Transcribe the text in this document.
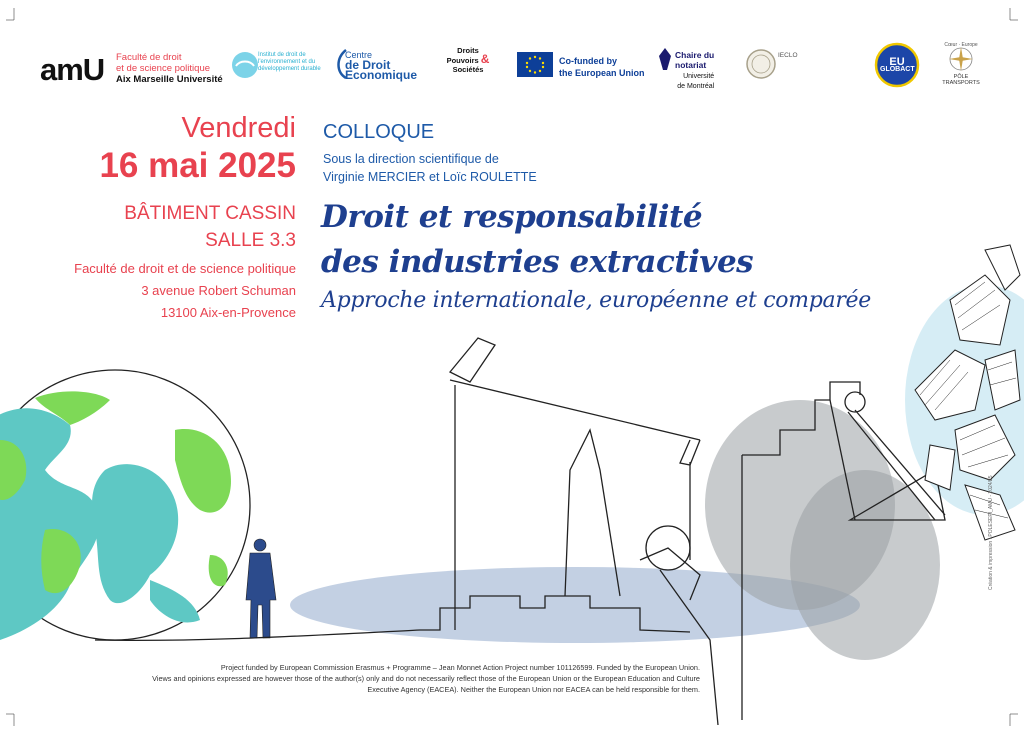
amU Faculté de droit
et de science politique
Aix Marseille Université
Institut de droit de l'environnement et du développement durable
Centre
de Droit
Economique
Droits
Pouvoirs &
Sociétés
Co-funded by
the European Union
Chaire du
notariat
Université
de Montréal
IECLO
EU
GLOBACT
Cœur · Europe
PÔLE TRANSPORTS
Vendredi
16 mai 2025
BÂTIMENT CASSIN
SALLE 3.3
Faculté de droit et de science politique
3 avenue Robert Schuman
13100 Aix-en-Provence
COLLOQUE
Sous la direction scientifique de
Virginie MERCIER et Loïc ROULETTE
Droit et responsabilité
des industries extractives
Approche internationale, européenne et comparée
Project funded by European Commission Erasmus + Programme – Jean Monnet Action Project number 101126599. Funded by the European Union.
Views and opinions expressed are however those of the author(s) only and do not necessarily reflect those of the European Union or the European Education and Culture
Executive Agency (EACEA). Neither the European Union nor EACEA can be held responsible for them.
Création & impression : POLESEPI_AMU - 2024/25
